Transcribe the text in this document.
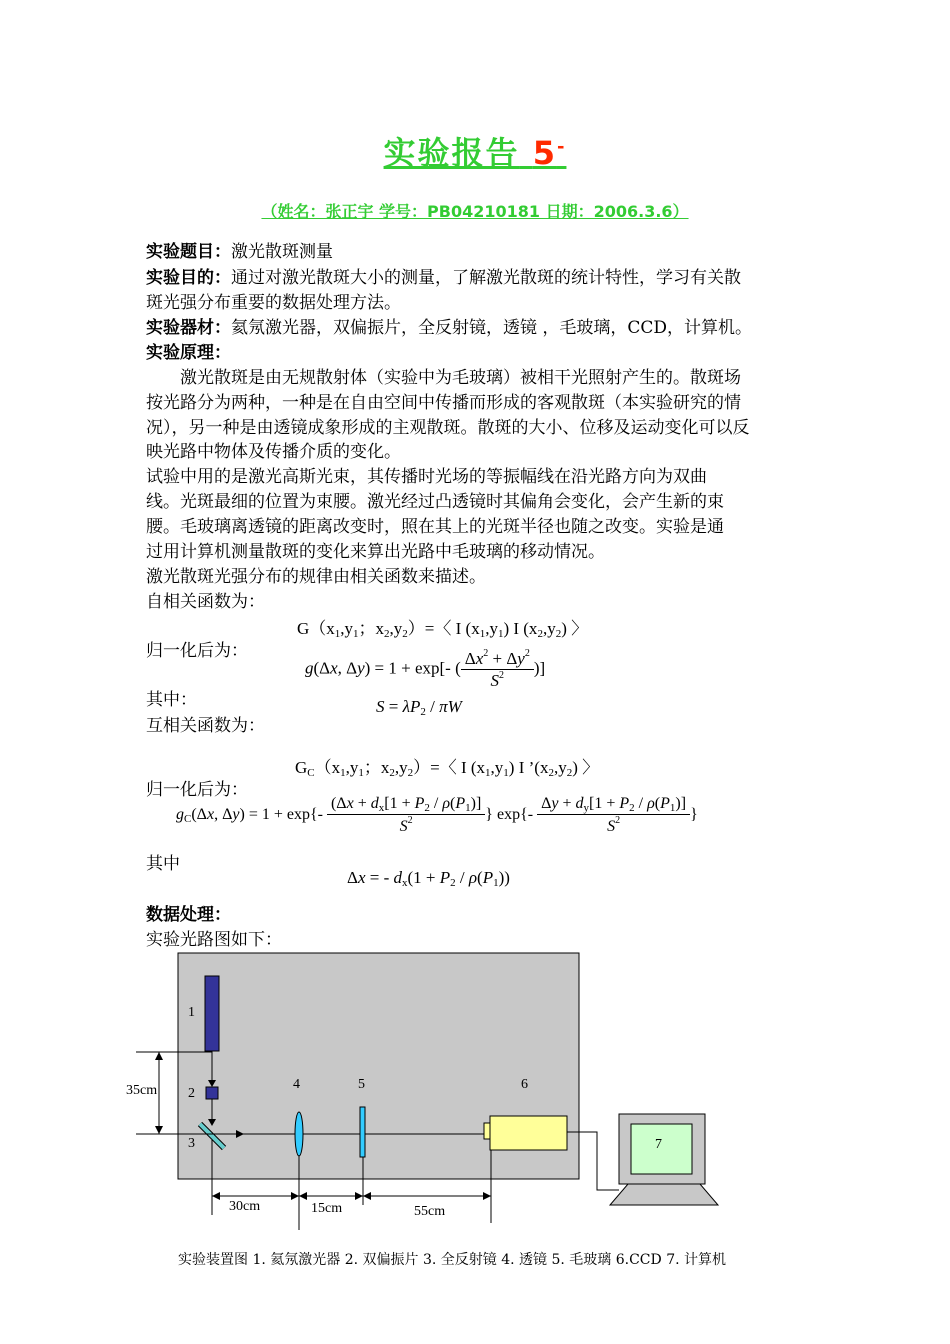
实验报告 5-
（姓名：张正宇 学号：PB04210181 日期：2006.3.6）
实验题目：激光散斑测量
实验目的：通过对激光散斑大小的测量，了解激光散斑的统计特性，学习有关散
斑光强分布重要的数据处理方法。
实验器材：氦氖激光器，双偏振片，全反射镜，透镜 ，毛玻璃，CCD，计算机。
实验原理：
激光散斑是由无规散射体（实验中为毛玻璃）被相干光照射产生的。散斑场
按光路分为两种，一种是在自由空间中传播而形成的客观散斑（本实验研究的情
况），另一种是由透镜成象形成的主观散斑。散斑的大小、位移及运动变化可以反
映光路中物体及传播介质的变化。
试验中用的是激光高斯光束，其传播时光场的等振幅线在沿光路方向为双曲
线。光斑最细的位置为束腰。激光经过凸透镜时其偏角会变化，会产生新的束
腰。毛玻璃离透镜的距离改变时，照在其上的光斑半径也随之改变。实验是通
过用计算机测量散斑的变化来算出光路中毛玻璃的移动情况。
激光散斑光强分布的规律由相关函数来描述。
自相关函数为：
$G(x_1,y_1$；$x_2,y_2)=$〈 I $(x_1,y_1)$ I $(x_2,y_2)$ 〉
归一化后为：
g(Δx, Δy) = 1 + exp[- ( $\frac{\Delta x^2 + \Delta y^2}{S^2}$ )]
其中：	$S = \lambda P_2 / \pi W$
互相关函数为：
$G_C(x_1,y_1$；$x_2,y_2)=$〈 I $(x_1,y_1)$ I $’(x_2,y_2)$ 〉
归一化后为：
$g_C(\Delta x$, $\Delta y) = 1 + \exp\{- \frac{(\Delta x + d_x[1 + P_2 / \rho(P_1)]}{S^2}$ } $\exp\{- \frac{\Delta y + d_y[1 + P_2 / \rho(P_1)]}{S^2}$ }
其中
Δx = - $d_x(1 + P_2 / \rho(P_1))$
数据处理：
实验光路图如下：
1
2
3
4	5	6
7
35cm
30cm	15cm	55cm
实验装置图 1. 氦氖激光器 2. 双偏振片 3. 全反射镜 4. 透镜 5. 毛玻璃 6.CCD 7. 计算机
